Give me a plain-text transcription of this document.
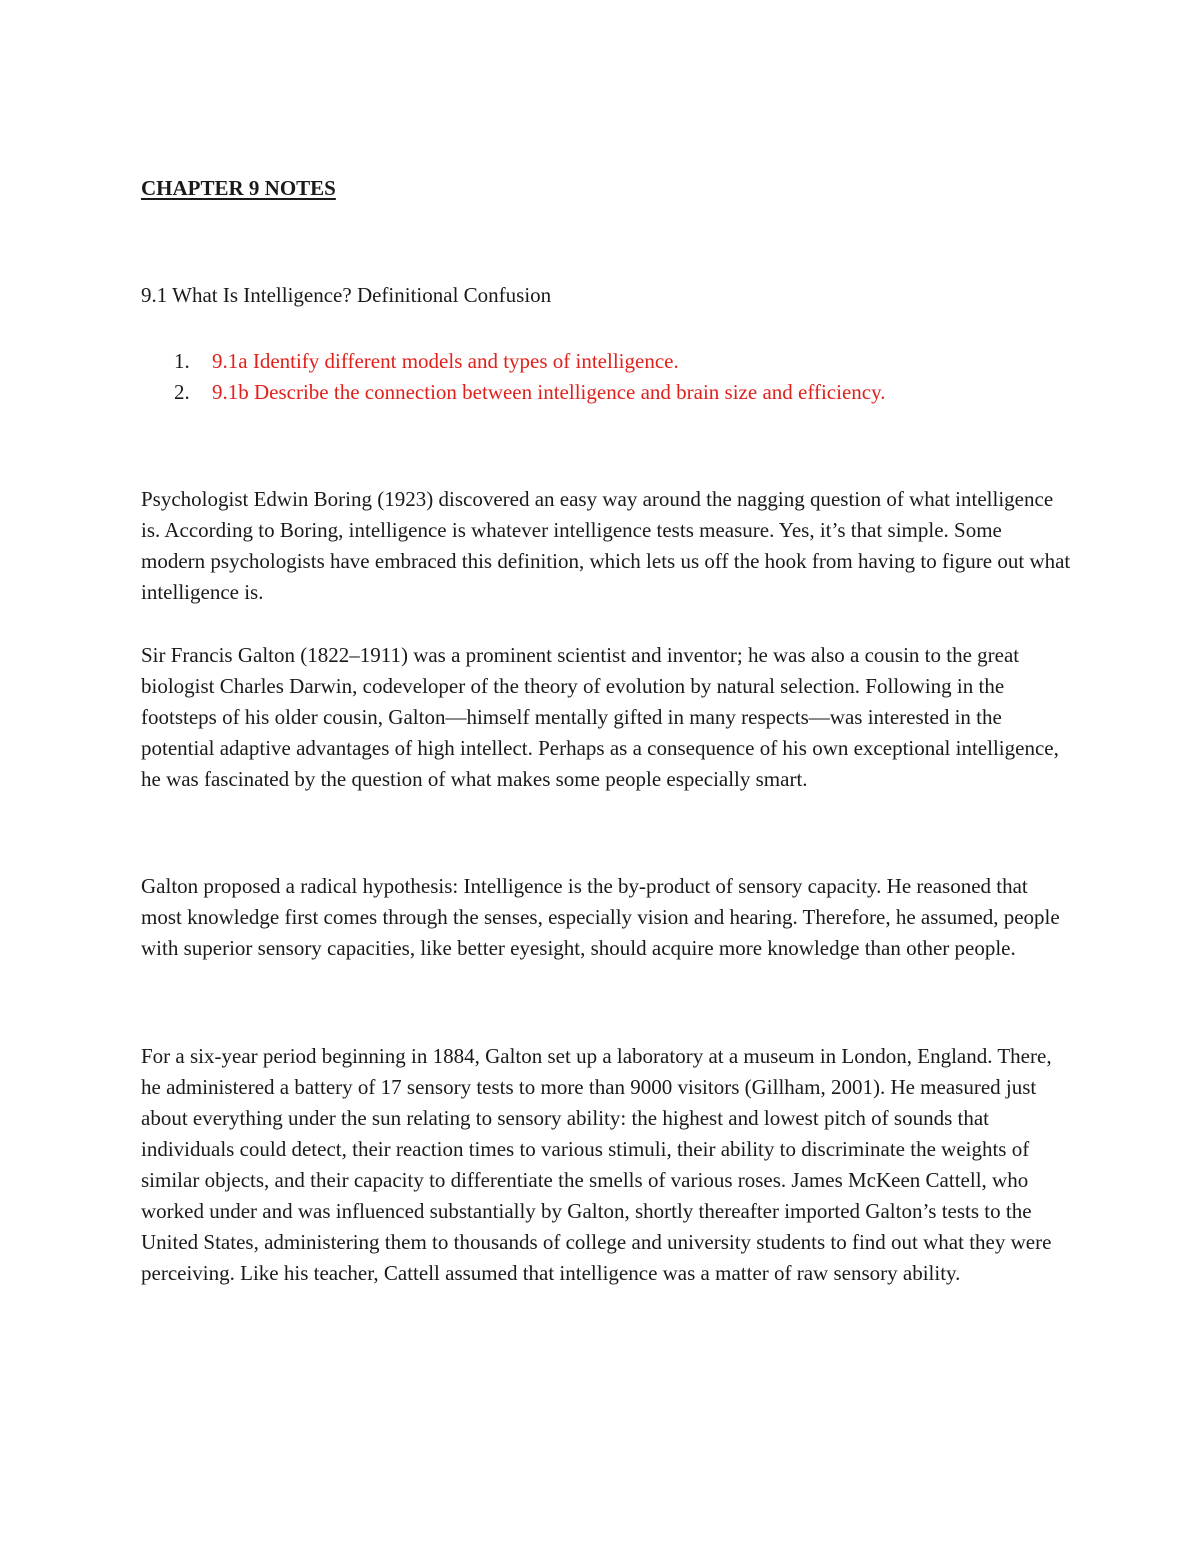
CHAPTER 9 NOTES
9.1 What Is Intelligence? Definitional Confusion
1.	9.1a Identify different models and types of intelligence.
2.	9.1b Describe the connection between intelligence and brain size and efficiency.

Psychologist Edwin Boring (1923) discovered an easy way around the nagging question of what intelligence is. According to Boring, intelligence is whatever intelligence tests measure. Yes, it’s that simple. Some modern psychologists have embraced this definition, which lets us off the hook from having to figure out what intelligence is.

Sir Francis Galton (1822–1911) was a prominent scientist and inventor; he was also a cousin to the great biologist Charles Darwin, codeveloper of the theory of evolution by natural selection. Following in the footsteps of his older cousin, Galton—himself mentally gifted in many respects—was interested in the potential adaptive advantages of high intellect. Perhaps as a consequence of his own exceptional intelligence, he was fascinated by the question of what makes some people especially smart.

Galton proposed a radical hypothesis: Intelligence is the by-product of sensory capacity. He reasoned that most knowledge first comes through the senses, especially vision and hearing. Therefore, he assumed, people with superior sensory capacities, like better eyesight, should acquire more knowledge than other people.

For a six-year period beginning in 1884, Galton set up a laboratory at a museum in London, England. There, he administered a battery of 17 sensory tests to more than 9000 visitors (Gillham, 2001). He measured just about everything under the sun relating to sensory ability: the highest and lowest pitch of sounds that individuals could detect, their reaction times to various stimuli, their ability to discriminate the weights of similar objects, and their capacity to differentiate the smells of various roses. James McKeen Cattell, who worked under and was influenced substantially by Galton, shortly thereafter imported Galton’s tests to the United States, administering them to thousands of college and university students to find out what they were perceiving. Like his teacher, Cattell assumed that intelligence was a matter of raw sensory ability.
